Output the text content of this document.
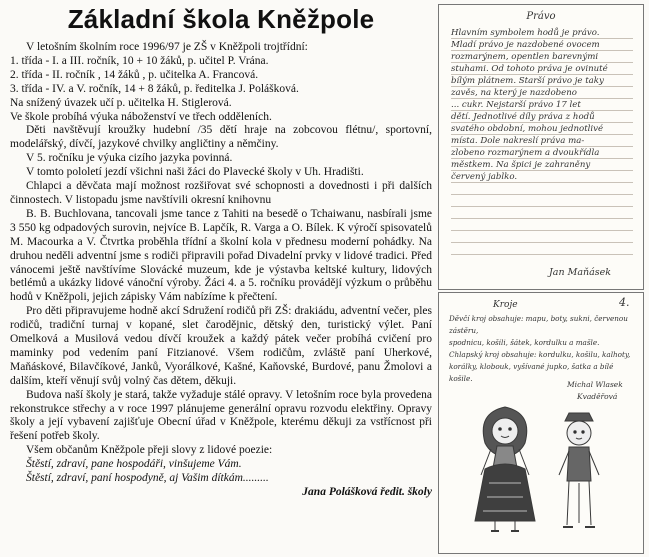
Základní škola Kněžpole

V letošním školním roce 1996/97 je ZŠ v Kněžpoli trojtřídní:

1. třída - I. a III. ročník, 10 + 10 žáků, p. učitel P. Vrána.

2. třída - II. ročník , 14 žáků , p. učitelka A. Francová.

3. třída - IV. a V. ročník, 14 + 8 žáků, p. ředitelka J. Polášková.

Na snížený úvazek učí p. učitelka H. Stiglerová.

Ve škole probíhá výuka náboženství ve třech odděleních.

Děti navštěvují kroužky hudební /35 dětí hraje na zobcovou flétnu/, sportovní, modelářský, dívčí, jazykové chvilky angličtiny a němčiny.

V 5. ročníku je výuka cizího jazyka povinná.

V tomto pololetí jezdí všichni naši žáci do Plavecké školy v Uh. Hradišti.

Chlapci a děvčata mají možnost rozšiřovat své schopnosti a dovednosti i při dalších činnostech. V listopadu jsme navštívili okresní knihovnu

B. B. Buchlovana, tancovali jsme tance z Tahiti na besedě o Tchaiwanu, nasbírali jsme 3 550 kg odpadových surovin, nejvíce B. Lapčík, R. Varga a O. Bílek. K výročí spisovatelů M. Macourka a V. Čtvrtka proběhla třídní a školní kola v přednesu moderní pohádky. Na druhou neděli adventní jsme s rodiči připravili pořad Divadelní prvky v lidové tradici. Před vánocemi ještě navštívíme Slovácké muzeum, kde je výstavba keltské kultury, lidových betlémů a ukázky lidové vánoční výroby. Žáci 4. a 5. ročníku provádějí výzkum o průběhu hodů v Kněžpoli, jejich zápisky Vám nabízíme k přečtení.

Pro děti připravujeme hodně akcí Sdružení rodičů při ZŠ: drakiádu, adventní večer, ples rodičů, tradiční turnaj v kopané, slet čarodějnic, dětský den, turistický výlet. Paní Omelková a Musilová vedou dívčí kroužek a každý pátek večer probíhá cvičení pro maminky pod vedením paní Fitzianové. Všem rodičům, zvláště paní Uherkové, Maňáskové, Bilavčíkové, Janků, Vyorálkové, Kašné, Kaňovské, Burdové, panu Žmolovi a dalším, kteří věnují svůj volný čas dětem, děkuji.

Budova naší školy je stará, takže vyžaduje stálé opravy. V letošním roce byla provedena rekonstrukce střechy a v roce 1997 plánujeme generální opravu rozvodu elektřiny. Opravy školy a její vybavení zajišťuje Obecní úřad v Kněžpole, kterému děkuji za vstřícnost při řešení potřeb školy.

Všem občanům Kněžpole přeji slovy z lidové poezie:

Štěstí, zdraví, pane hospodáři, vinšujeme Vám.

Štěstí, zdraví, paní hospodyně, aj Vašim dítkám.........

Jana Polášková ředit. školy

Právo
Hlavním symbolem hodů je právo.
Mladí právo je nazdobené ovocem
rozmarýnem, opentlen barevnými
stuhami. Od tohoto práva je ovinuté
bílým plátnem. Starší právo je taky
zavěs, na který je nazdobeno
... cukr. Nejstarší právo 17 let
dětí. Jednotlivé díly práva z hodů
svatého obdobní, mohou jednotlivé
místa. Dole nakreslí práva ma-
zlobeno rozmarýnem a dvoukřídla
městkem. Na špici je zahraněny
červený jablko.
Jan Maňásek
Kroje	4.
Děvčí kroj obsahuje: mapu, boty, sukni, červenou zástěru,
spodnicu, košili, šátek, kordulku a mašle.
Chlapský kroj obsahuje: kordulku, košilu, kalhoty,
korálky, klobouk, vyšívané jupko, šatka a bílé košile.
Michal Wlasek
Kvaděřová
